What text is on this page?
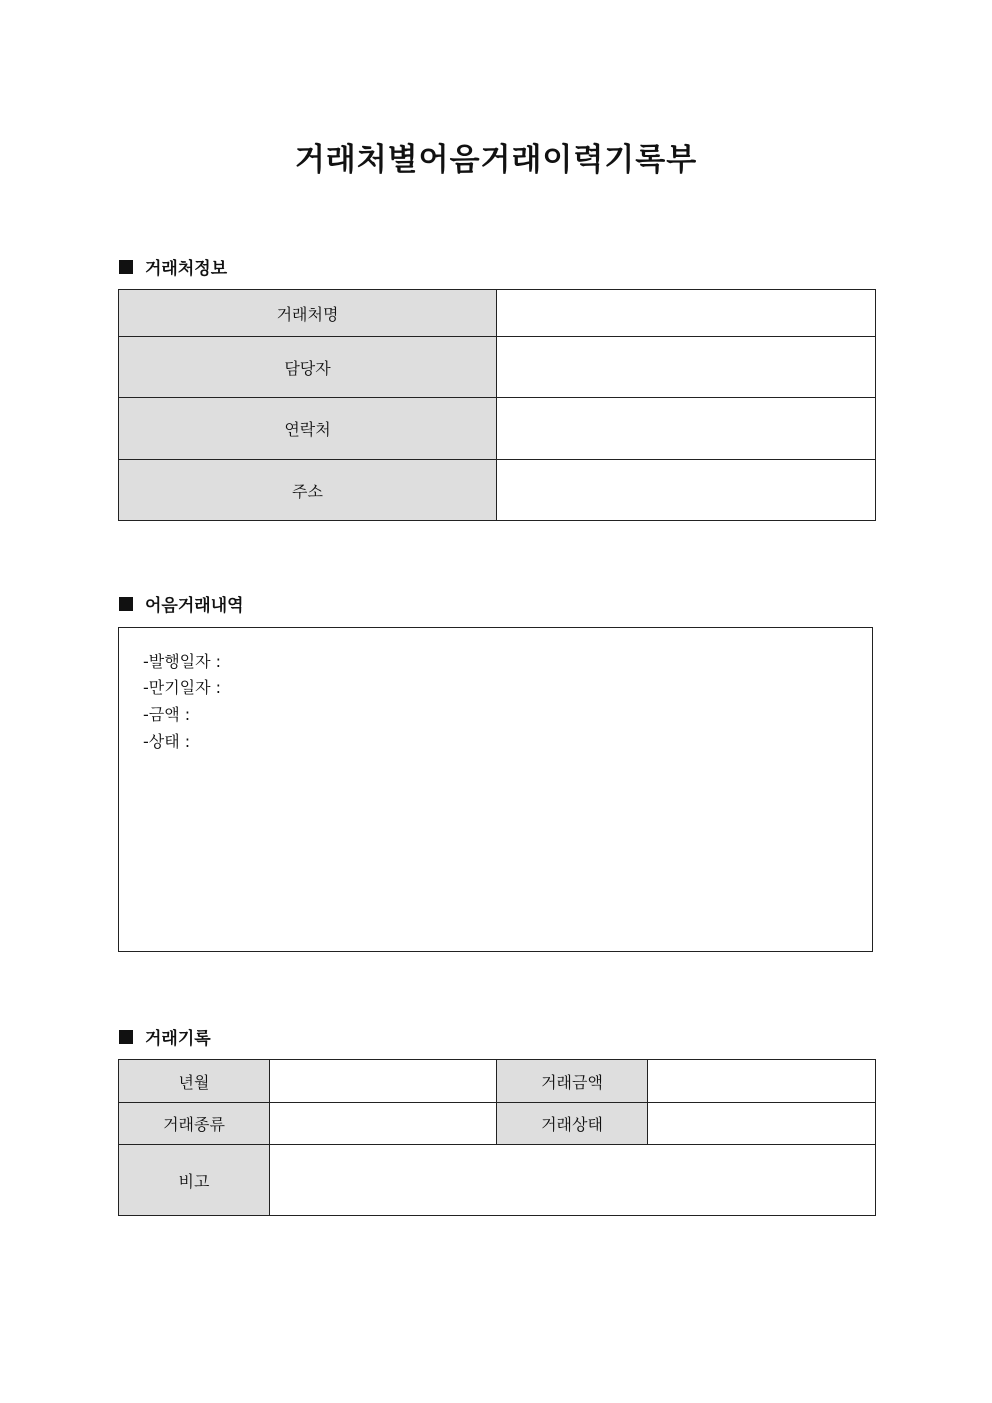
거래처별어음거래이력기록부
거래처정보
거래처명	
담당자	
연락처	
주소	
어음거래내역
-발행일자 :
-만기일자 :
-금액 :
-상태 :
거래기록
년월		거래금액	
거래종류		거래상태	
비고			
